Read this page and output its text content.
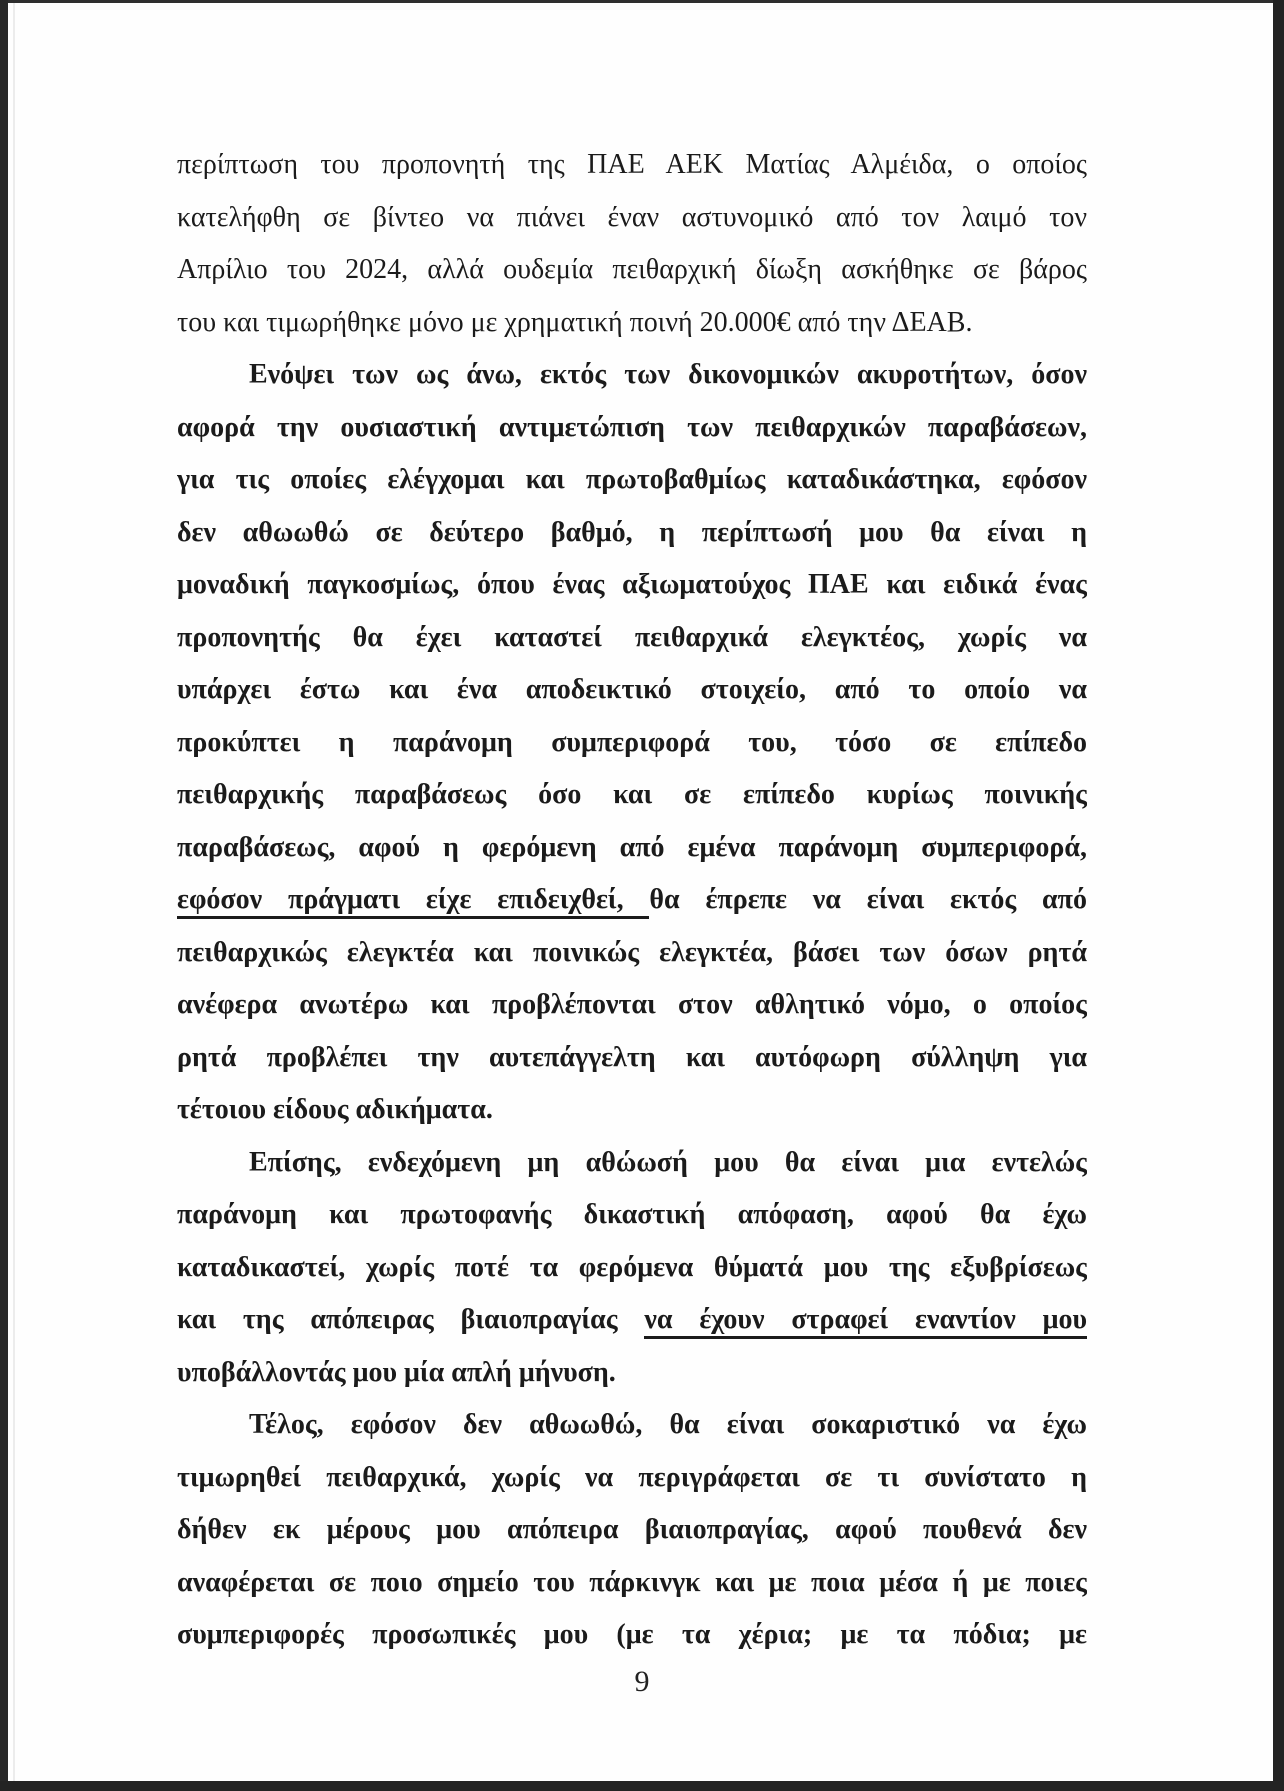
περίπτωση του προπονητή της ΠΑΕ ΑΕΚ Ματίας Αλμέιδα, ο οποίος
κατελήφθη σε βίντεο να πιάνει έναν αστυνομικό από τον λαιμό τον
Απρίλιο του 2024, αλλά ουδεμία πειθαρχική δίωξη ασκήθηκε σε βάρος
του και τιμωρήθηκε μόνο με χρηματική ποινή 20.000€ από την ΔΕΑΒ.
Ενόψει των ως άνω, εκτός των δικονομικών ακυροτήτων, όσον
αφορά την ουσιαστική αντιμετώπιση των πειθαρχικών παραβάσεων,
για τις οποίες ελέγχομαι και πρωτοβαθμίως καταδικάστηκα, εφόσον
δεν αθωωθώ σε δεύτερο βαθμό, η περίπτωσή μου θα είναι η
μοναδική παγκοσμίως, όπου ένας αξιωματούχος ΠΑΕ και ειδικά ένας
προπονητής θα έχει καταστεί πειθαρχικά ελεγκτέος, χωρίς να
υπάρχει έστω και ένα αποδεικτικό στοιχείο, από το οποίο να
προκύπτει η παράνομη συμπεριφορά του, τόσο σε επίπεδο
πειθαρχικής παραβάσεως όσο και σε επίπεδο κυρίως ποινικής
παραβάσεως, αφού η φερόμενη από εμένα παράνομη συμπεριφορά,
εφόσον πράγματι είχε επιδειχθεί, θα έπρεπε να είναι εκτός από
πειθαρχικώς ελεγκτέα και ποινικώς ελεγκτέα, βάσει των όσων ρητά
ανέφερα ανωτέρω και προβλέπονται στον αθλητικό νόμο, ο οποίος
ρητά προβλέπει την αυτεπάγγελτη και αυτόφωρη σύλληψη για
τέτοιου είδους αδικήματα.
Επίσης, ενδεχόμενη μη αθώωσή μου θα είναι μια εντελώς
παράνομη και πρωτοφανής δικαστική απόφαση, αφού θα έχω
καταδικαστεί, χωρίς ποτέ τα φερόμενα θύματά μου της εξυβρίσεως
και της απόπειρας βιαιοπραγίας να έχουν στραφεί εναντίον μου
υποβάλλοντάς μου μία απλή μήνυση.
Τέλος, εφόσον δεν αθωωθώ, θα είναι σοκαριστικό να έχω
τιμωρηθεί πειθαρχικά, χωρίς να περιγράφεται σε τι συνίστατο η
δήθεν εκ μέρους μου απόπειρα βιαιοπραγίας, αφού πουθενά δεν
αναφέρεται σε ποιο σημείο του πάρκινγκ και με ποια μέσα ή με ποιες
συμπεριφορές προσωπικές μου (με τα χέρια; με τα πόδια; με
9
